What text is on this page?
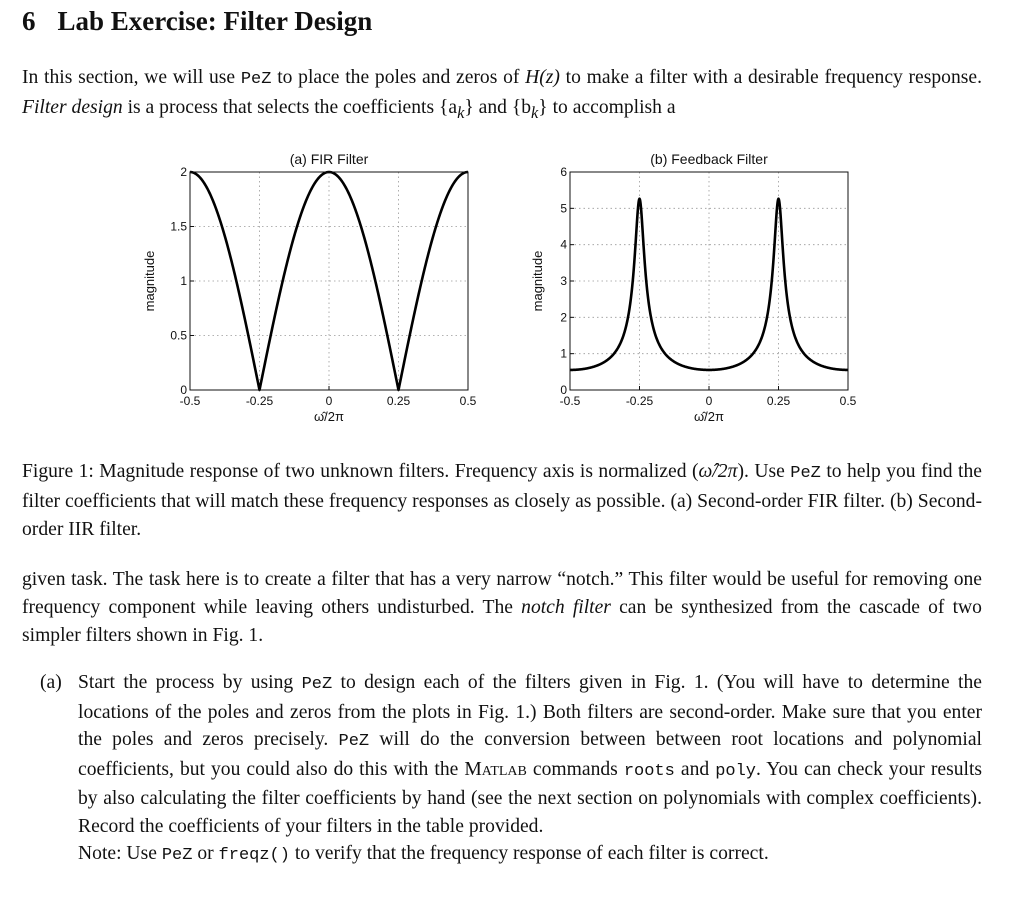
6 Lab Exercise: Filter Design

In this section, we will use PeZ to place the poles and zeros of H(z) to make a filter with a desirable frequency response. Filter design is a process that selects the coefficients $\{a_k\}$ and $\{b_k\}$ to accomplish a

-0.5	-0.25	0	0.25	0.5
0
0.5
1
1.5
2
(a) FIR Filter
ω̂/2π
magnitude
-0.5	-0.25	0	0.25	0.5
0
1
2
3
4
5
6
(b) Feedback Filter
ω̂/2π
magnitude

Figure 1: Magnitude response of two unknown filters. Frequency axis is normalized (ω̂/2π). Use PeZ to help you find the filter coefficients that will match these frequency responses as closely as possible. (a) Second-order FIR filter. (b) Second-order IIR filter.

given task. The task here is to create a filter that has a very narrow “notch.” This filter would be useful for removing one frequency component while leaving others undisturbed. The notch filter can be synthesized from the cascade of two simpler filters shown in Fig. 1.

(a) Start the process by using PeZ to design each of the filters given in Fig. 1. (You will have to determine the locations of the poles and zeros from the plots in Fig. 1.) Both filters are second-order. Make sure that you enter the poles and zeros precisely. PeZ will do the conversion between between root locations and polynomial coefficients, but you could also do this with the Matlab commands roots and poly. You can check your results by also calculating the filter coefficients by hand (see the next section on polynomials with complex coefficients). Record the coefficients of your filters in the table provided.
Note: Use PeZ or freqz() to verify that the frequency response of each filter is correct.
